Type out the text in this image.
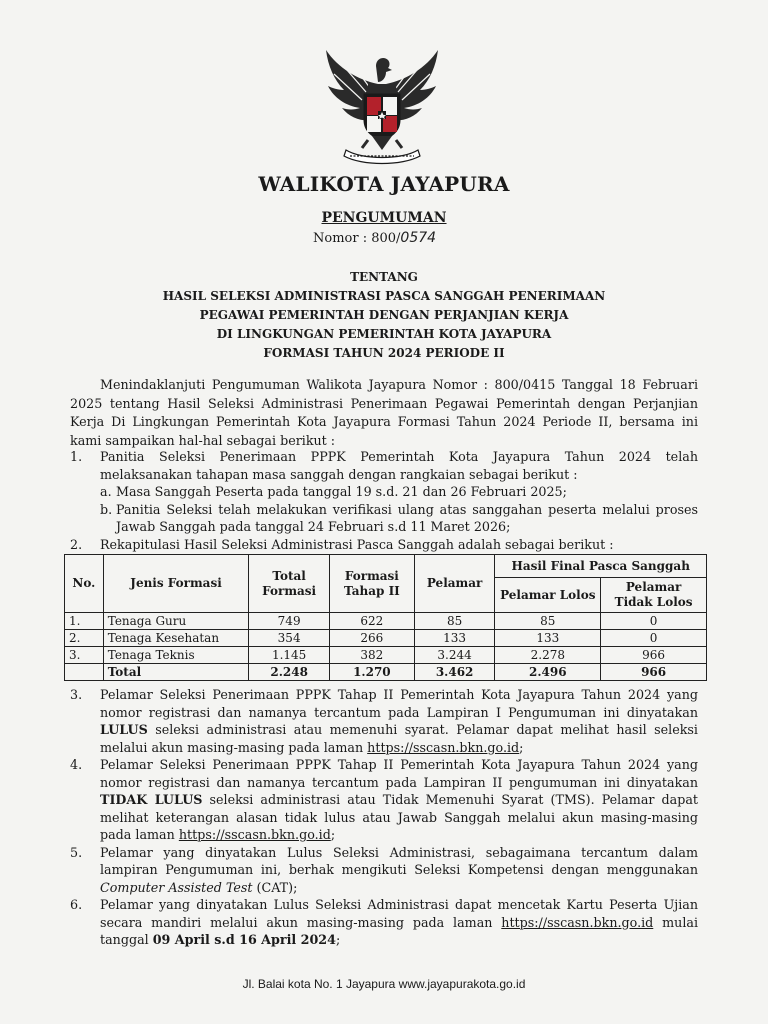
WALIKOTA JAYAPURA
PENGUMUMAN
Nomor : 800/0574
TENTANG
HASIL SELEKSI ADMINISTRASI PASCA SANGGAH PENERIMAAN
PEGAWAI PEMERINTAH DENGAN PERJANJIAN KERJA
DI LINGKUNGAN PEMERINTAH KOTA JAYAPURA
FORMASI TAHUN 2024 PERIODE II
Menindaklanjuti Pengumuman Walikota Jayapura Nomor : 800/0415 Tanggal 18 Februari 2025 tentang Hasil Seleksi Administrasi Penerimaan Pegawai Pemerintah dengan Perjanjian Kerja Di Lingkungan Pemerintah Kota Jayapura Formasi Tahun 2024 Periode II, bersama ini kami sampaikan hal-hal sebagai berikut :
1.	Panitia Seleksi Penerimaan PPPK Pemerintah Kota Jayapura Tahun 2024 telah melaksanakan tahapan masa sanggah dengan rangkaian sebagai berikut :
a. Masa Sanggah Peserta pada tanggal 19 s.d. 21 dan 26 Februari 2025;
b. Panitia Seleksi telah melakukan verifikasi ulang atas sanggahan peserta melalui proses Jawab Sanggah pada tanggal 24 Februari s.d 11 Maret 2026;
2.	Rekapitulasi Hasil Seleksi Administrasi Pasca Sanggah adalah sebagai berikut :
No.	Jenis Formasi	Total Formasi	Formasi Tahap II	Pelamar	Hasil Final Pasca Sanggah	
					Pelamar Lolos	Pelamar Tidak Lolos
1.	Tenaga Guru	749	622	85	85	0
2.	Tenaga Kesehatan	354	266	133	133	0
3.	Tenaga Teknis	1.145	382	3.244	2.278	966
	Total	2.248	1.270	3.462	2.496	966
3.	Pelamar Seleksi Penerimaan PPPK Tahap II Pemerintah Kota Jayapura Tahun 2024 yang nomor registrasi dan namanya tercantum pada Lampiran I Pengumuman ini dinyatakan LULUS seleksi administrasi atau memenuhi syarat. Pelamar dapat melihat hasil seleksi melalui akun masing-masing pada laman https://sscasn.bkn.go.id;
4.	Pelamar Seleksi Penerimaan PPPK Tahap II Pemerintah Kota Jayapura Tahun 2024 yang nomor registrasi dan namanya tercantum pada Lampiran II pengumuman ini dinyatakan TIDAK LULUS seleksi administrasi atau Tidak Memenuhi Syarat (TMS). Pelamar dapat melihat keterangan alasan tidak lulus atau Jawab Sanggah melalui akun masing-masing pada laman https://sscasn.bkn.go.id;
5.	Pelamar yang dinyatakan Lulus Seleksi Administrasi, sebagaimana tercantum dalam lampiran Pengumuman ini, berhak mengikuti Seleksi Kompetensi dengan menggunakan Computer Assisted Test (CAT);
6.	Pelamar yang dinyatakan Lulus Seleksi Administrasi dapat mencetak Kartu Peserta Ujian secara mandiri melalui akun masing-masing pada laman https://sscasn.bkn.go.id mulai tanggal 09 April s.d 16 April 2024;
Jl. Balai kota No. 1 Jayapura www.jayapurakota.go.id
